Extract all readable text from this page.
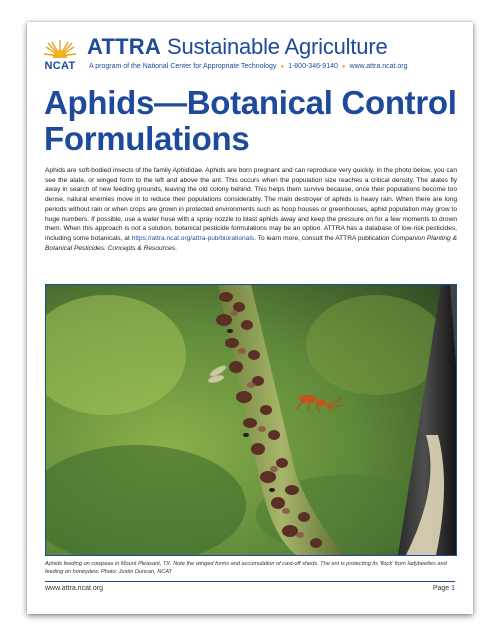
NCAT
ATTRA Sustainable Agriculture
A program of the National Center for Appropriate Technology ● 1-800-346-9140 ● www.attra.ncat.org
Aphids—Botanical Control Formulations
Aphids are soft-bodied insects of the family Aphididae. Aphids are born pregnant and can reproduce very quickly. In the photo below, you can see the alate, or winged form to the left and above the ant. This occurs when the population size reaches a critical density. The alates fly away in search of new feeding grounds, leaving the old colony behind. This helps them survive because, once their populations become too dense, natural enemies move in to reduce their populations considerably. The main destroyer of aphids is heavy rain. When there are long periods without rain or when crops are grown in protected environments such as hoop houses or greenhouses, aphid population may grow to huge numbers. If possible, use a water hose with a spray nozzle to blast aphids away and keep the pressure on for a few moments to drown them. When this approach is not a solution, botanical pesticide formulations may be an option. ATTRA has a database of low-risk pesticides, including some botanicals, at https://attra.ncat.org/attra-pub/biorationals. To learn more, consult the ATTRA publication Companion Planting & Botanical Pesticides: Concepts & Resources.
Aphids feeding on cowpeas in Mount Pleasant, TX. Note the winged forms and accumulation of cast-off sheds. The ant is protecting its 'flock' from ladybeetles and feeding on honeydew. Photo: Justin Duncan, NCAT
www.attra.ncat.org	Page 1
